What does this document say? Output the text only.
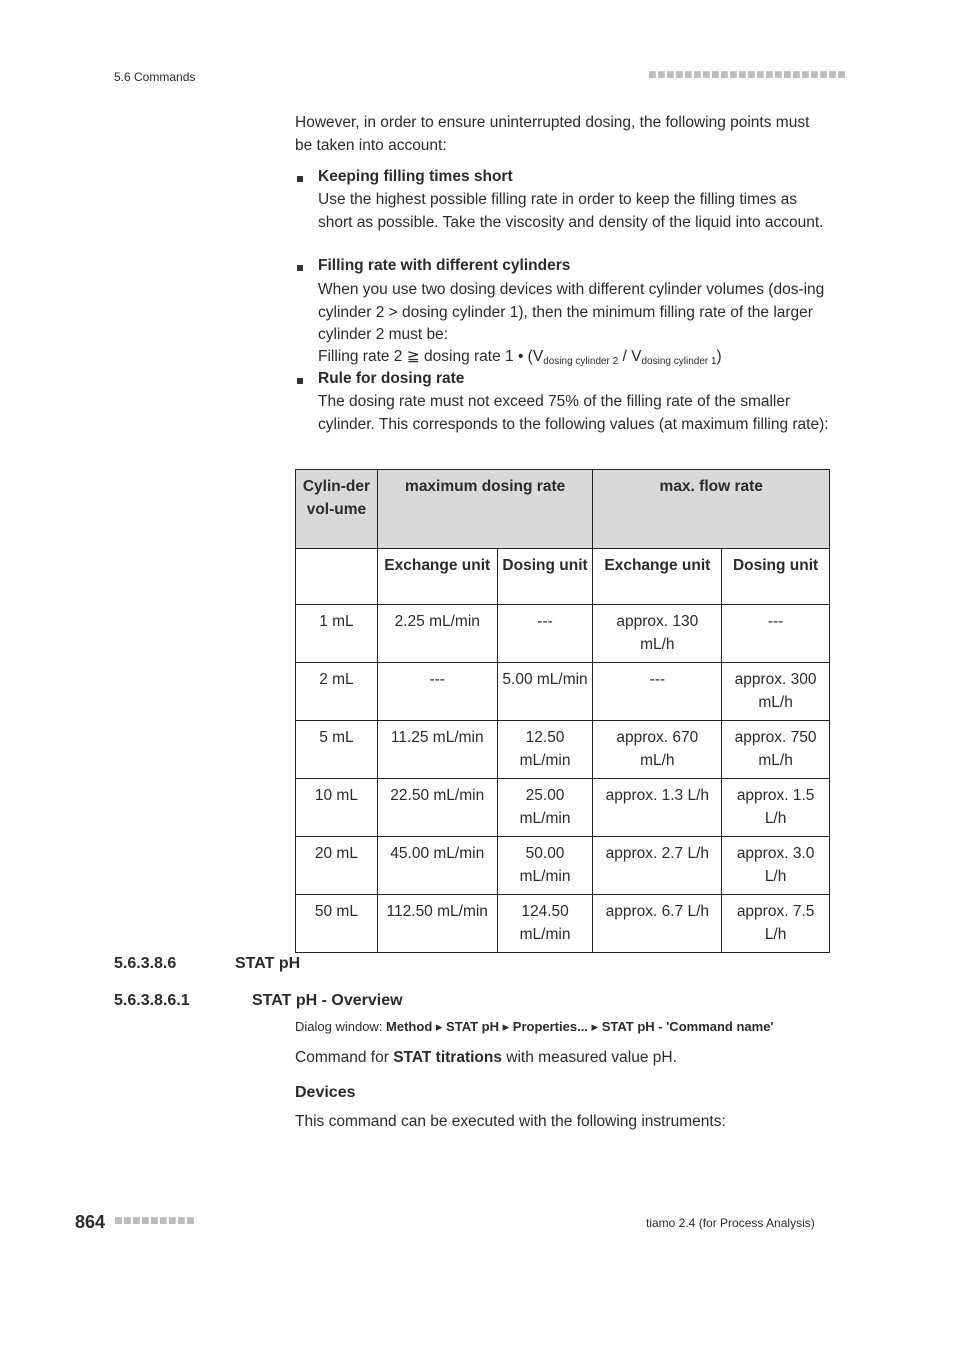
5.6 Commands	■■■■■■■■■■■■■■■■■■■■■■
However, in order to ensure uninterrupted dosing, the following points must be taken into account:
Keeping filling times short
Use the highest possible filling rate in order to keep the filling times as short as possible. Take the viscosity and density of the liquid into account.
Filling rate with different cylinders
When you use two dosing devices with different cylinder volumes (dos-ing cylinder 2 > dosing cylinder 1), then the minimum filling rate of the larger cylinder 2 must be:
Filling rate 2 ≧ dosing rate 1 • $(V_{dosing cylinder 2} / V_{dosing cylinder 1})$
Rule for dosing rate
The dosing rate must not exceed 75% of the filling rate of the smaller cylinder. This corresponds to the following values (at maximum filling rate):
Cylin-der vol-ume	maximum dosing rate		max. flow rate	
	Exchange unit	Dosing unit	Exchange unit	Dosing unit
1 mL	2.25 mL/min	---	approx. 130 mL/h	---
2 mL	---	5.00 mL/min	---	approx. 300 mL/h
5 mL	11.25 mL/min	12.50 mL/min	approx. 670 mL/h	approx. 750 mL/h
10 mL	22.50 mL/min	25.00 mL/min	approx. 1.3 L/h	approx. 1.5 L/h
20 mL	45.00 mL/min	50.00 mL/min	approx. 2.7 L/h	approx. 3.0 L/h
50 mL	112.50 mL/min	124.50 mL/min	approx. 6.7 L/h	approx. 7.5 L/h
5.6.3.8.6	STAT pH
5.6.3.8.6.1	STAT pH - Overview
Dialog window: Method ▸ STAT pH ▸ Properties... ▸ STAT pH - 'Command name'
Command for STAT titrations with measured value pH.
Devices
This command can be executed with the following instruments:
864 ■■■■■■■■■	tiamo 2.4 (for Process Analysis)
